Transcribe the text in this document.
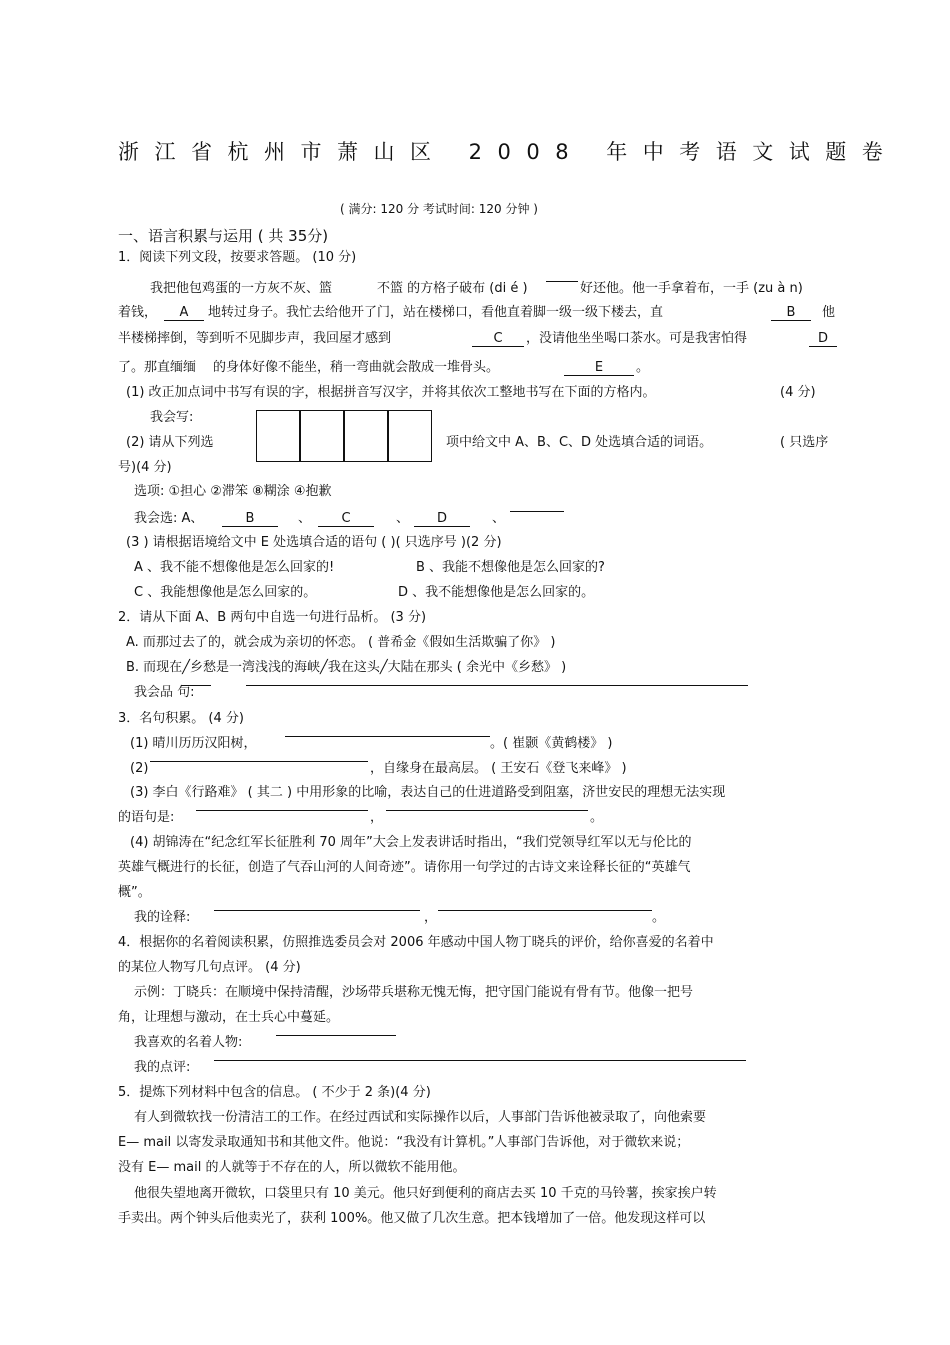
浙江省杭州市萧山区 2008 年中考语文试题卷
( 满分: 120 分 考试时间: 120 分钟 )
一、语言积累与运用 ( 共 35分)
1．阅读下列文段，按要求答题。 (10 分)
我把他包鸡蛋的一方灰不灰、篮	不篮 的方格子破布 (di é )	好还他。他一手拿着布，一手 (zu à n)
着钱，	A	地转过身子。我忙去给他开了门，站在楼梯口，看他直着脚一级一级下楼去，直	B	他
半楼梯摔倒，等到听不见脚步声，我回屋才感到	C	，没请他坐坐喝口茶水。可是我害怕得	D
了。那直缅缅 的身体好像不能坐，稍一弯曲就会散成一堆骨头。	E	。
(1) 改正加点词中书写有误的字，根据拼音写汉字，并将其依次工整地书写在下面的方格内。	(4 分)
我会写:
(2) 请从下列选	项中给文中 A、B、C、D 处选填合适的词语。	( 只选序
号)(4 分)
选项: ①担心 ②滞笨 ⑧糊涂 ④抱歉
我会选: A、	B	、	C	、	D	、
(3 ) 请根据语境给文中 E 处选填合适的语句 ( )( 只选序号 )(2 分)
A 、我不能不想像他是怎么回家的!	B 、我能不想像他是怎么回家的?
C 、我能想像他是怎么回家的。	D 、我不能想像他是怎么回家的。
2．请从下面 A、B 两句中自选一句进行品析。 (3 分)
A. 而那过去了的，就会成为亲切的怀恋。 ( 普希金《假如生活欺骗了你》 )
B. 而现在╱乡愁是一湾浅浅的海峡╱我在这头╱大陆在那头 ( 余光中《乡愁》 )
我会品 句:
3．名句积累。 (4 分)
(1) 晴川历历汉阳树，	。( 崔颢《黄鹤楼》 )
(2)	，自缘身在最高层。 ( 王安石《登飞来峰》 )
(3) 李白《行路难》 ( 其二 ) 中用形象的比喻，表达自己的仕进道路受到阻塞，济世安民的理想无法实现
的语句是:	，	。
(4) 胡锦涛在“纪念红军长征胜利 70 周年”大会上发表讲话时指出，“我们党领导红军以无与伦比的
英雄气概进行的长征，创造了气吞山河的人间奇迹”。请你用一句学过的古诗文来诠释长征的“英雄气
概”。
我的诠释:	，	。
4．根据你的名着阅读积累，仿照推选委员会对 2006 年感动中国人物丁晓兵的评价，给你喜爱的名着中
的某位人物写几句点评。 (4 分)
示例：丁晓兵：在顺境中保持清醒，沙场带兵堪称无愧无悔，把守国门能说有骨有节。他像一把号
角，让理想与激动，在士兵心中蔓延。
我喜欢的名着人物:
我的点评:
5．提炼下列材料中包含的信息。 ( 不少于 2 条)(4 分)
有人到微软找一份清洁工的工作。在经过西试和实际操作以后，人事部门告诉他被录取了，向他索要
E— mail 以寄发录取通知书和其他文件。他说：“我没有计算机。”人事部门告诉他，对于微软来说；
没有 E— mail 的人就等于不存在的人，所以微软不能用他。
他很失望地离开微软，口袋里只有 10 美元。他只好到便利的商店去买 10 千克的马铃薯，挨家挨户转
手卖出。两个钟头后他卖光了，获利 100%。他又做了几次生意。把本钱增加了一倍。他发现这样可以
